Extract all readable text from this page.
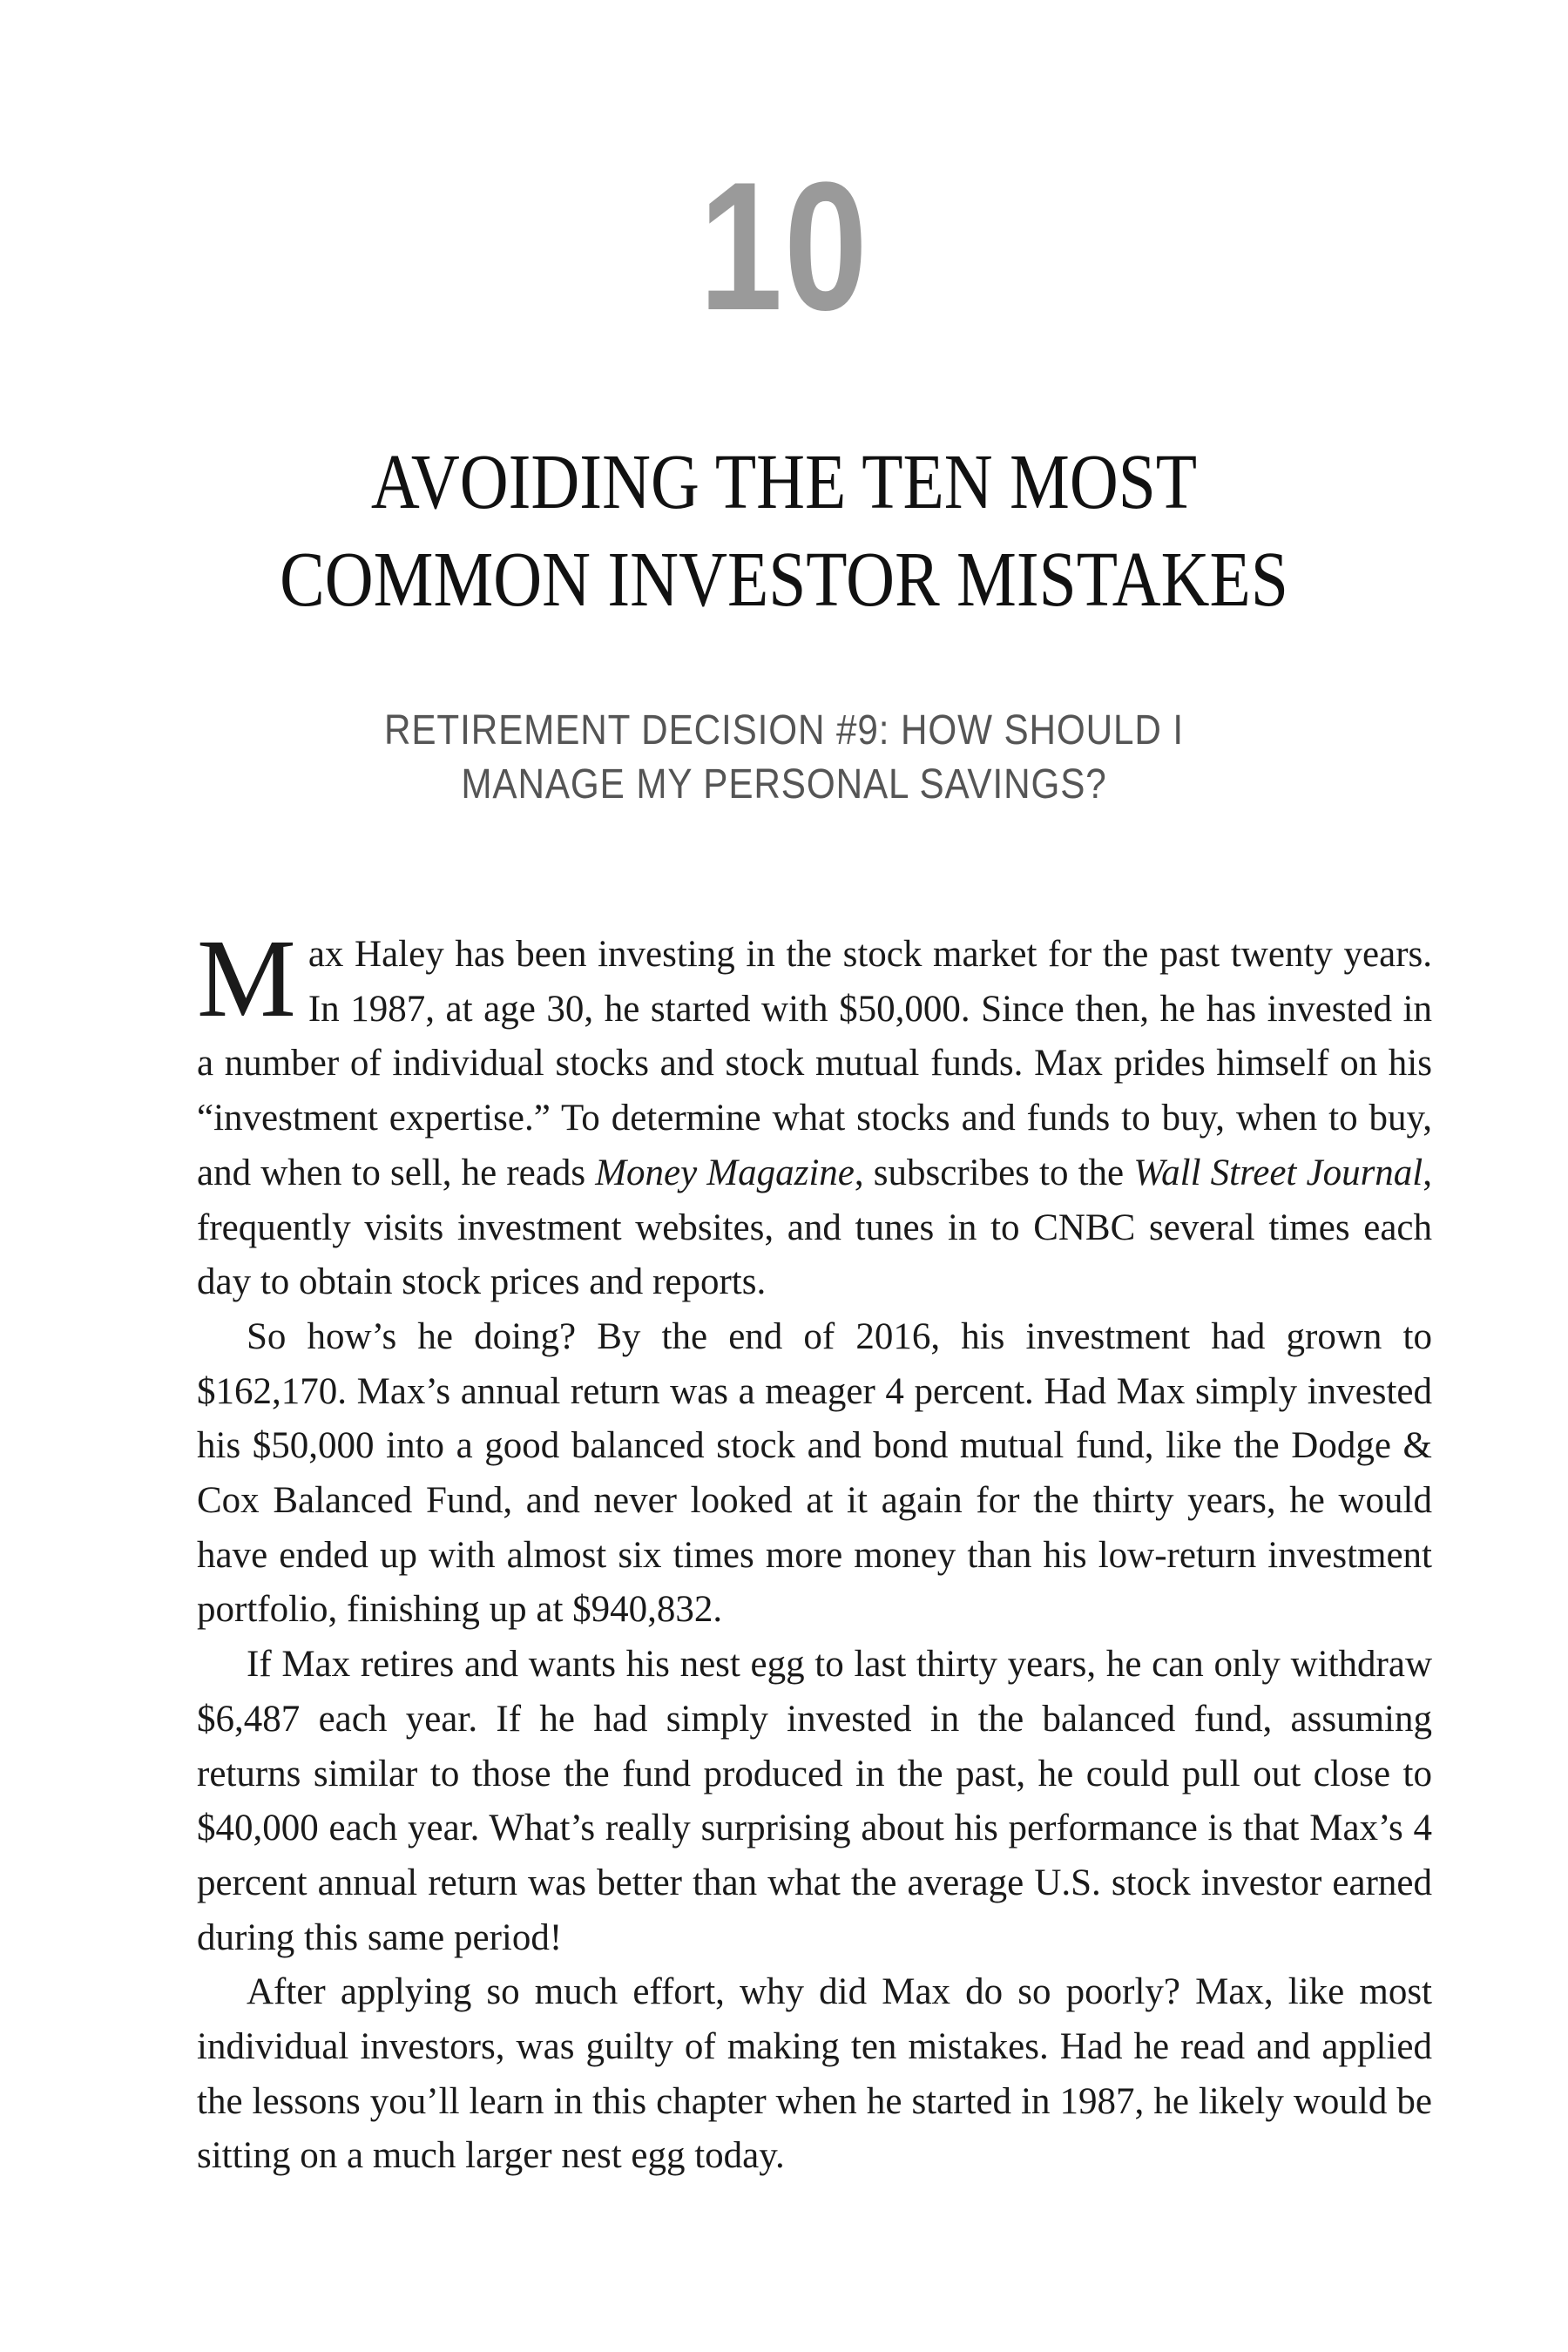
10
AVOIDING THE TEN MOST
COMMON INVESTOR MISTAKES
RETIREMENT DECISION #9: HOW SHOULD I
MANAGE MY PERSONAL SAVINGS?

Max Haley has been investing in the stock market for the past twenty years. In 1987, at age 30, he started with $50,000. Since then, he has invested in a number of individual stocks and stock mutual funds. Max prides himself on his “investment expertise.” To determine what stocks and funds to buy, when to buy, and when to sell, he reads Money Magazine, subscribes to the Wall Street Journal, frequently visits investment websites, and tunes in to CNBC several times each day to obtain stock prices and reports.

So how’s he doing? By the end of 2016, his investment had grown to $162,170. Max’s annual return was a meager 4 percent. Had Max simply invested his $50,000 into a good balanced stock and bond mutual fund, like the Dodge & Cox Balanced Fund, and never looked at it again for the thirty years, he would have ended up with almost six times more money than his low-return investment portfolio, finishing up at $940,832.

If Max retires and wants his nest egg to last thirty years, he can only withdraw $6,487 each year. If he had simply invested in the balanced fund, assuming returns similar to those the fund produced in the past, he could pull out close to $40,000 each year. What’s really surprising about his performance is that Max’s 4 percent annual return was better than what the average U.S. stock investor earned during this same period!

After applying so much effort, why did Max do so poorly? Max, like most individual investors, was guilty of making ten mistakes. Had he read and applied the lessons you’ll learn in this chapter when he started in 1987, he likely would be sitting on a much larger nest egg today.
